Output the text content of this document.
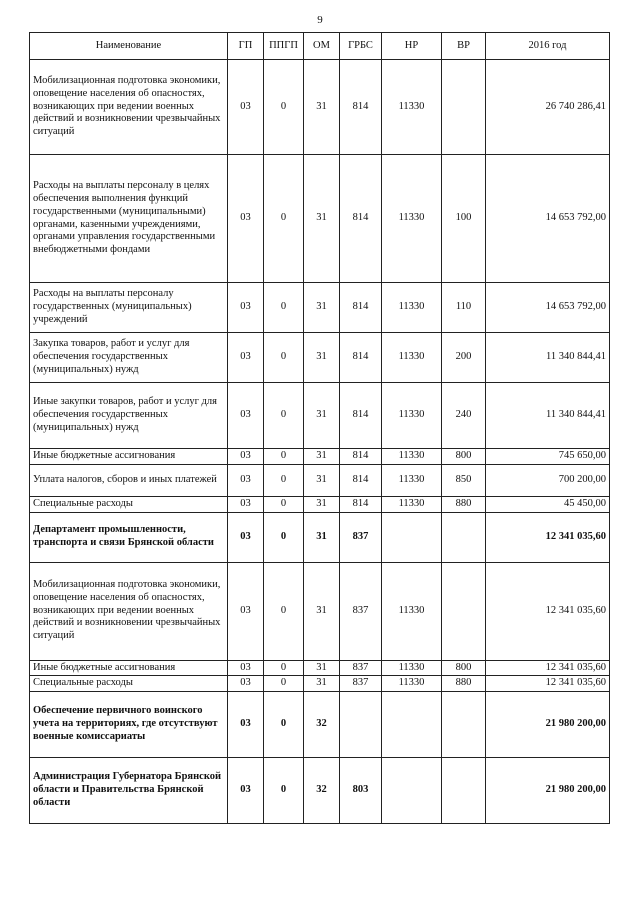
9
Наименование	ГП	ППГП	ОМ	ГРБС	НР	ВР	2016 год
Мобилизационная подготовка экономики, оповещение населения об опасностях, возникающих при ведении военных действий и возникновении чрезвычайных ситуаций	03	0	31	814	11330		26 740 286,41
Расходы на выплаты персоналу в целях обеспечения выполнения функций государственными (муниципальными) органами, казенными учреждениями, органами управления государственными внебюджетными фондами	03	0	31	814	11330	100	14 653 792,00
Расходы на выплаты персоналу государственных (муниципальных) учреждений	03	0	31	814	11330	110	14 653 792,00
Закупка товаров, работ и услуг для обеспечения государственных (муниципальных) нужд	03	0	31	814	11330	200	11 340 844,41
Иные закупки товаров, работ и услуг для обеспечения государственных (муниципальных) нужд	03	0	31	814	11330	240	11 340 844,41
Иные бюджетные ассигнования	03	0	31	814	11330	800	745 650,00
Уплата налогов, сборов и иных платежей	03	0	31	814	11330	850	700 200,00
Специальные расходы	03	0	31	814	11330	880	45 450,00
Департамент промышленности, транспорта и связи Брянской области	03	0	31	837			12 341 035,60
Мобилизационная подготовка экономики, оповещение населения об опасностях, возникающих при ведении военных действий и возникновении чрезвычайных ситуаций	03	0	31	837	11330		12 341 035,60
Иные бюджетные ассигнования	03	0	31	837	11330	800	12 341 035,60
Специальные расходы	03	0	31	837	11330	880	12 341 035,60
Обеспечение первичного воинского учета на территориях, где отсутствуют военные комиссариаты	03	0	32				21 980 200,00
Администрация Губернатора Брянской области и Правительства Брянской области	03	0	32	803			21 980 200,00
